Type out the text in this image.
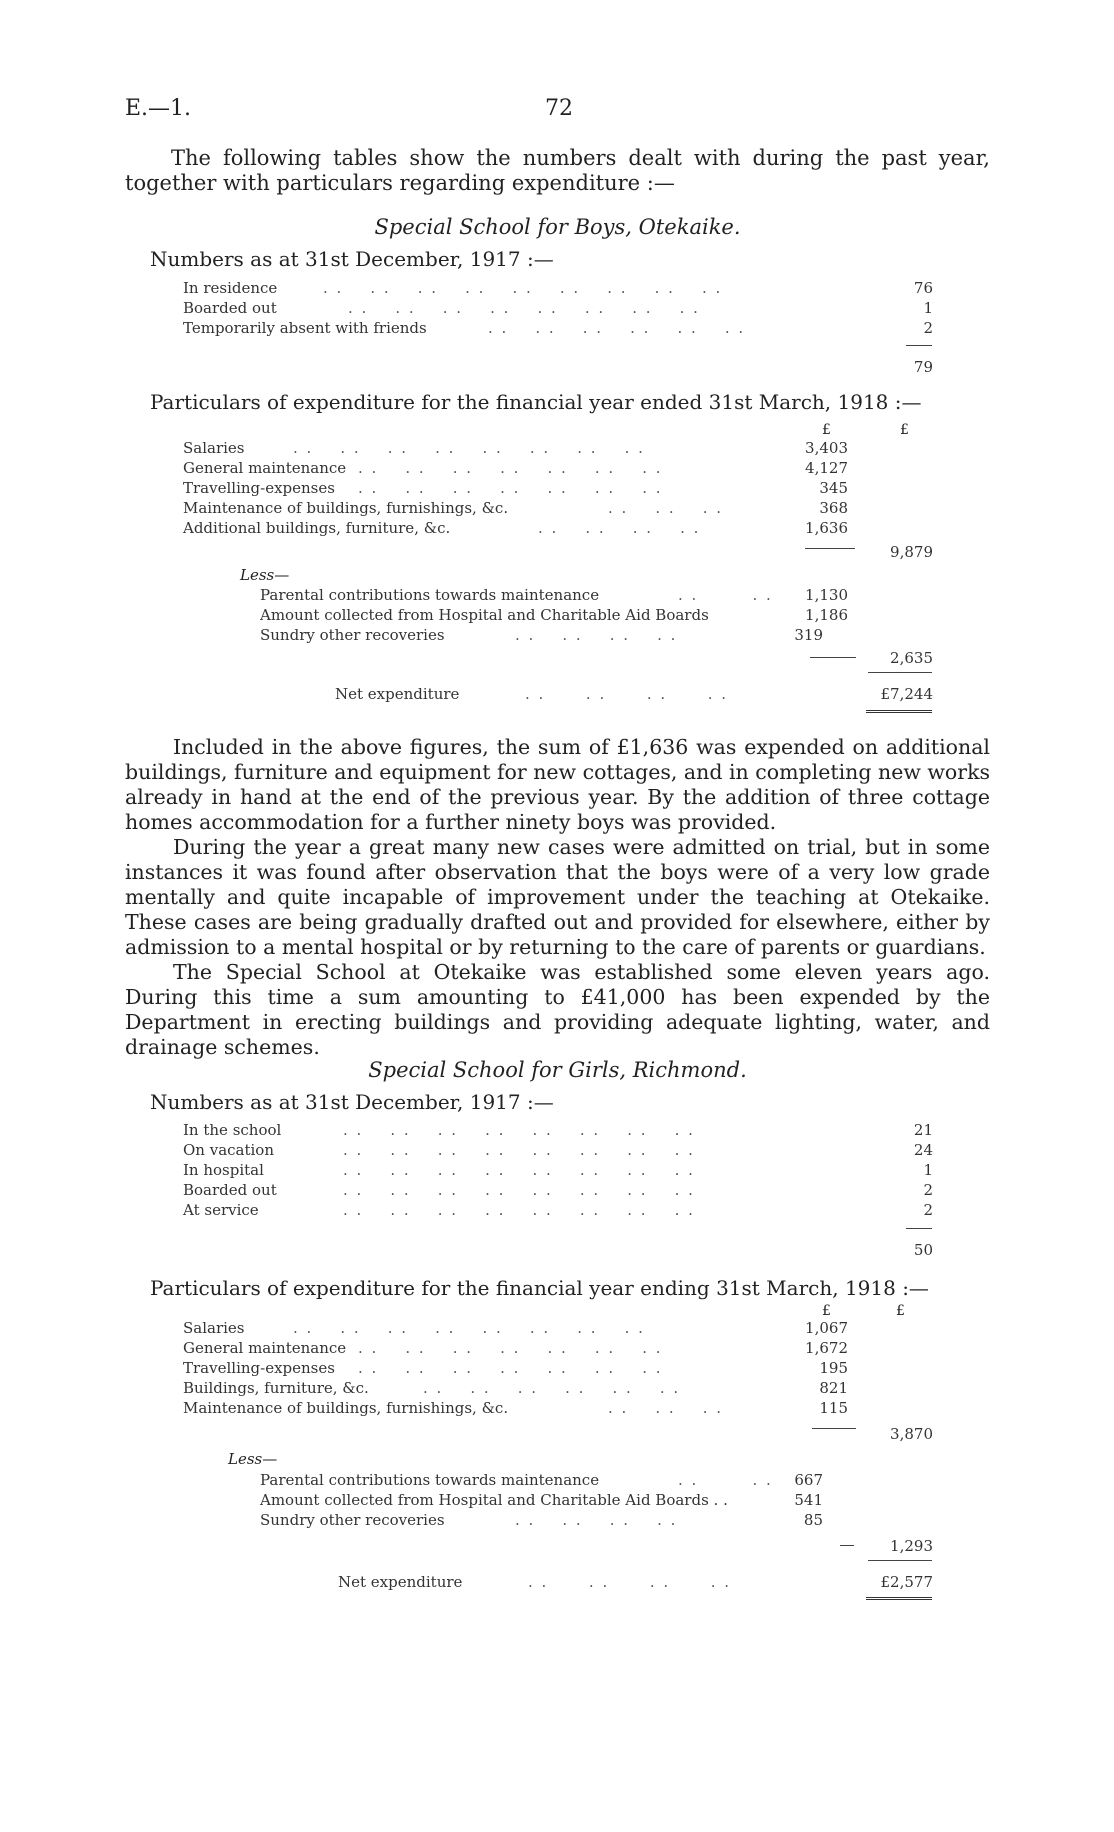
E.—1.	72
The following tables show the numbers dealt with during the past year,
together with particulars regarding expenditure :—
Special School for Boys, Otekaike.
Numbers as at 31st December, 1917 :—
In residence	. .    . .    . .    . .    . .    . .    . .    . .    . .	76
Boarded out	. .    . .    . .    . .    . .    . .    . .    . .	1
Temporarily absent with friends	. .    . .    . .    . .    . .    . .	2
79
Particulars of expenditure for the financial year ended 31st March, 1918 :—
£	£
Salaries	. .    . .    . .    . .    . .    . .    . .    . .	3,403
General maintenance . .    . .    . .    . .    . .    . .    . .	4,127
Travelling-expenses . .    . .    . .    . .    . .    . .    . .	345
Maintenance of buildings, furnishings, &c.	. .    . .    . .	368
Additional buildings, furniture, &c.	. .    . .    . .    . .	1,636
9,879
Less—
Parental contributions towards maintenance	. .        . .	1,130
Amount collected from Hospital and Charitable Aid Boards	1,186
Sundry other recoveries	. .    . .    . .    . .	319
2,635
Net expenditure	. .      . .      . .      . .	£7,244

Included in the above figures, the sum of £1,636 was expended on additional buildings, furniture and equipment for new cottages, and in completing new works already in hand at the end of the previous year. By the addition of three cottage homes accommodation for a further ninety boys was provided.

During the year a great many new cases were admitted on trial, but in some instances it was found after observation that the boys were of a very low grade mentally and quite incapable of improvement under the teaching at Otekaike. These cases are being gradually drafted out and provided for elsewhere, either by admission to a mental hospital or by returning to the care of parents or guardians.

The Special School at Otekaike was established some eleven years ago. During this time a sum amounting to £41,000 has been expended by the Department in erecting buildings and providing adequate lighting, water, and drainage schemes.

Special School for Girls, Richmond.
Numbers as at 31st December, 1917 :—
In the school	. .    . .    . .    . .    . .    . .    . .    . .	21
On vacation	. .    . .    . .    . .    . .    . .    . .    . .	24
In hospital	. .    . .    . .    . .    . .    . .    . .    . .	1
Boarded out	. .    . .    . .    . .    . .    . .    . .    . .	2
At service	. .    . .    . .    . .    . .    . .    . .    . .	2
50
Particulars of expenditure for the financial year ending 31st March, 1918 :—
£	£
Salaries	. .    . .    . .    . .    . .    . .    . .    . .	1,067
General maintenance . .    . .    . .    . .    . .    . .    . .	1,672
Travelling-expenses . .    . .    . .    . .    . .    . .    . .	195
Buildings, furniture, &c.	. .    . .    . .    . .    . .    . .	821
Maintenance of buildings, furnishings, &c.	. .    . .    . .	115
3,870
Less—
Parental contributions towards maintenance	. .        . .	667
Amount collected from Hospital and Charitable Aid Boards . .	541
Sundry other recoveries	. .    . .    . .    . .	85
1,293
Net expenditure	. .      . .      . .      . .	£2,577
